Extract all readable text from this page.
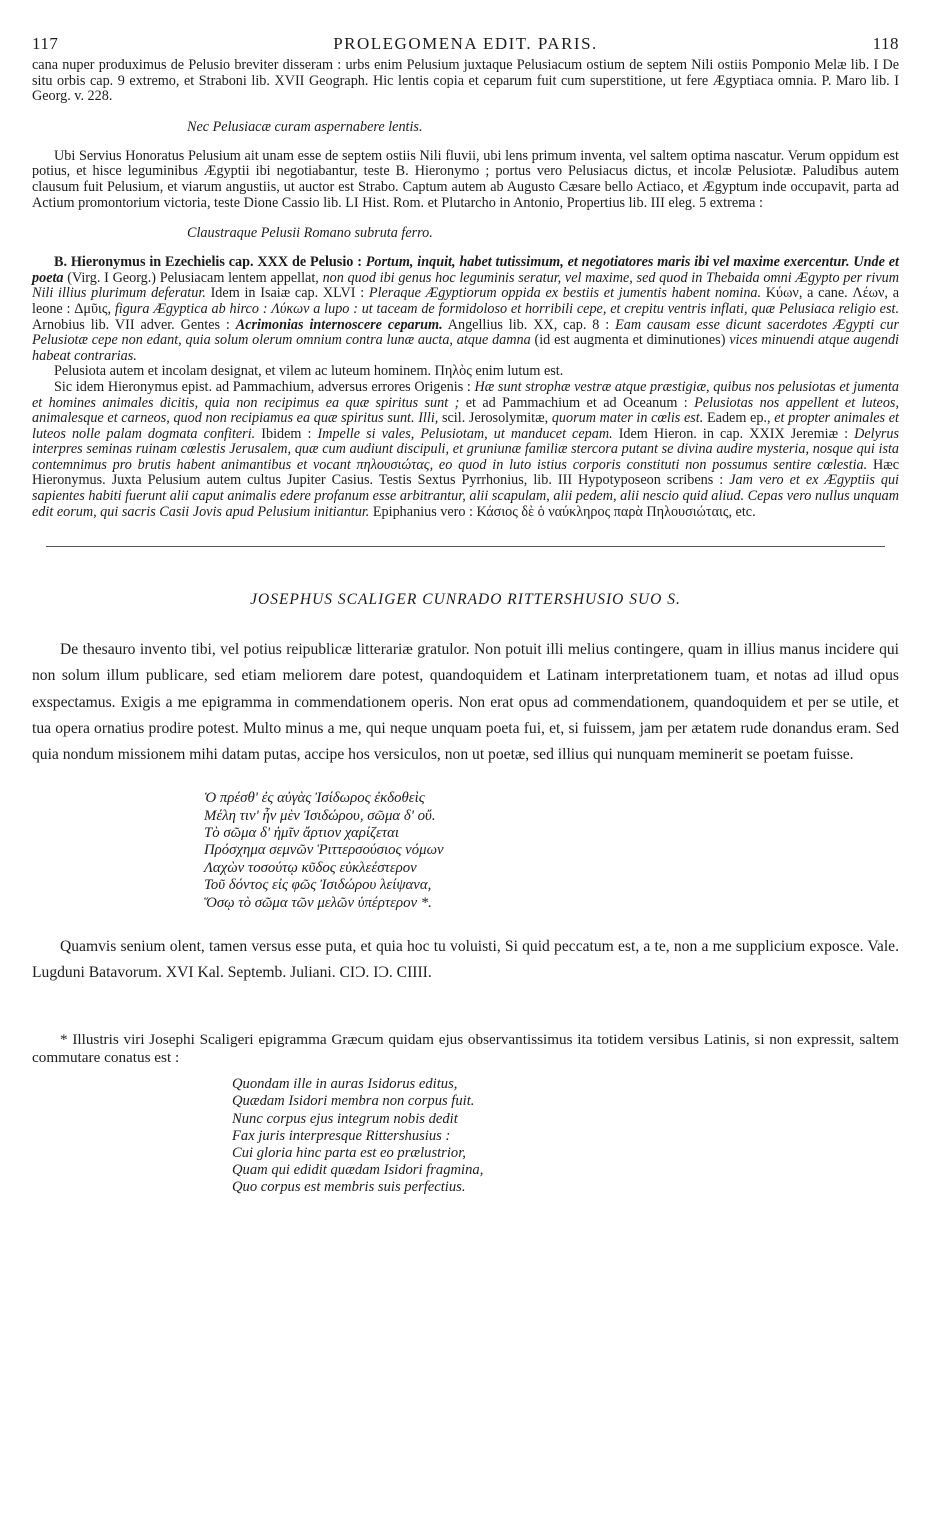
117	PROLEGOMENA EDIT. PARIS.	118

cana nuper produximus de Pelusio breviter disseram : urbs enim Pelusium juxtaque Pelusiacum ostium de septem Nili ostiis Pomponio Melæ lib. I De situ orbis cap. 9 extremo, et Straboni lib. XVII Geograph. Hic lentis copia et ceparum fuit cum superstitione, ut fere Ægyptiaca omnia. P. Maro lib. I Georg. v. 228.

Nec Pelusiacæ curam aspernabere lentis.

Ubi Servius Honoratus Pelusium ait unam esse de septem ostiis Nili fluvii, ubi lens primum inventa, vel saltem optima nascatur. Verum oppidum est potius, et hisce leguminibus Ægyptii ibi negotiabantur, teste B. Hieronymo ; portus vero Pelusiacus dictus, et incolæ Pelusiotæ. Paludibus autem clausum fuit Pelusium, et viarum angustiis, ut auctor est Strabo. Captum autem ab Augusto Cæsare bello Actiaco, et Ægyptum inde occupavit, parta ad Actium promontorium victoria, teste Dione Cassio lib. LI Hist. Rom. et Plutarcho in Antonio, Propertius lib. III eleg. 5 extrema :

Claustraque Pelusii Romano subruta ferro.

B. Hieronymus in Ezechielis cap. XXX de Pelusio : Portum, inquit, habet tutissimum, et negotiatores maris ibi vel maxime exercentur. Unde et poeta (Virg. I Georg.) Pelusiacam lentem appellat, non quod ibi genus hoc leguminis seratur, vel maxime, sed quod in Thebaida omni Ægypto per rivum Nili illius plurimum deferatur. Idem in Isaiæ cap. XLVI : Pleraque Ægyptiorum oppida ex bestiis et jumentis habent nomina. Κύων, a cane. Λέων, a leone : Δμῦις, figura Ægyptica ab hirco : Λύκων a lupo : ut taceam de formidoloso et horribili cepe, et crepitu ventris inflati, quæ Pelusiaca religio est. Arnobius lib. VII adver. Gentes : Acrimonias internoscere ceparum. Angellius lib. XX, cap. 8 : Eam causam esse dicunt sacerdotes Ægypti cur Pelusiotæ cepe non edant, quia solum olerum omnium contra lunæ aucta, atque damna (id est augmenta et diminutiones) vices minuendi atque augendi habeat contrarias.

Pelusiota autem et incolam designat, et vilem ac luteum hominem. Πηλὸς enim lutum est.

Sic idem Hieronymus epist. ad Pammachium, adversus errores Origenis : Hæ sunt strophæ vestræ atque præstigiæ, quibus nos pelusiotas et jumenta et homines animales dicitis, quia non recipimus ea quæ spiritus sunt ; et ad Pammachium et ad Oceanum : Pelusiotas nos appellent et luteos, animalesque et carneos, quod non recipiamus ea quæ spiritus sunt. Illi, scil. Jerosolymitæ, quorum mater in cœlis est. Eadem ep., et propter animales et luteos nolle palam dogmata confiteri. Ibidem : Impelle si vales, Pelusiotam, ut manducet cepam. Idem Hieron. in cap. XXIX Jeremiæ : Delyrus interpres seminas ruinam cœlestis Jerusalem, quæ cum audiunt discipuli, et gruniunæ familiæ stercora putant se divina audire mysteria, nosque qui ista contemnimus pro brutis habent animantibus et vocant πηλουσιώτας, eo quod in luto istius corporis constituti non possumus sentire cœlestia. Hæc Hieronymus. Juxta Pelusium autem cultus Jupiter Casius. Testis Sextus Pyrrhonius, lib. III Hypotyposeon scribens : Jam vero et ex Ægyptiis qui sapientes habiti fuerunt alii caput animalis edere profanum esse arbitrantur, alii scapulam, alii pedem, alii nescio quid aliud. Cepas vero nullus unquam edit eorum, qui sacris Casii Jovis apud Pelusium initiantur. Epiphanius vero : Κάσιος δὲ ὁ ναύκληρος παρὰ Πηλουσιώταις, etc.

JOSEPHUS SCALIGER CUNRADO RITTERSHUSIO SUO S.

De thesauro invento tibi, vel potius reipublicæ litterariæ gratulor. Non potuit illi melius contingere, quam in illius manus incidere qui non solum illum publicare, sed etiam meliorem dare potest, quandoquidem et Latinam interpretationem tuam, et notas ad illud opus exspectamus. Exigis a me epigramma in commendationem operis. Non erat opus ad commendationem, quandoquidem et per se utile, et tua opera ornatius prodire potest. Multo minus a me, qui neque unquam poeta fui, et, si fuissem, jam per ætatem rude donandus eram. Sed quia nondum missionem mihi datam putas, accipe hos versiculos, non ut poetæ, sed illius qui nunquam meminerit se poetam fuisse.

Ὁ πρέσθ' ἐς αὐγὰς Ἰσίδωρος ἐκδοθεὶς
Μέλη τιν' ἦν μὲν Ἰσιδώρου, σῶμα δ' οὔ.
Τὸ σῶμα δ' ἡμῖν ἄρτιον χαρίζεται
Πρόσχημα σεμνῶν Ῥιττερσούσιος νόμων
Λαχὼν τοσούτῳ κῦδος εὐκλεέστερον
Τοῦ δόντος εἰς φῶς Ἰσιδώρου λείψανα,
Ὅσῳ τὸ σῶμα τῶν μελῶν ὑπέρτερον *.

Quamvis senium olent, tamen versus esse puta, et quia hoc tu voluisti, Si quid peccatum est, a te, non a me supplicium exposce. Vale. Lugduni Batavorum. XVI Kal. Septemb. Juliani. CIƆ. IƆ. CIIII.

* Illustris viri Josephi Scaligeri epigramma Græcum quidam ejus observantissimus ita totidem versibus Latinis, si non expressit, saltem commutare conatus est :

Quondam ille in auras Isidorus editus,
Quædam Isidori membra non corpus fuit.
Nunc corpus ejus integrum nobis dedit
Fax juris interpresque Rittershusius :
Cui gloria hinc parta est eo prælustrior,
Quam qui edidit quædam Isidori fragmina,
Quo corpus est membris suis perfectius.
